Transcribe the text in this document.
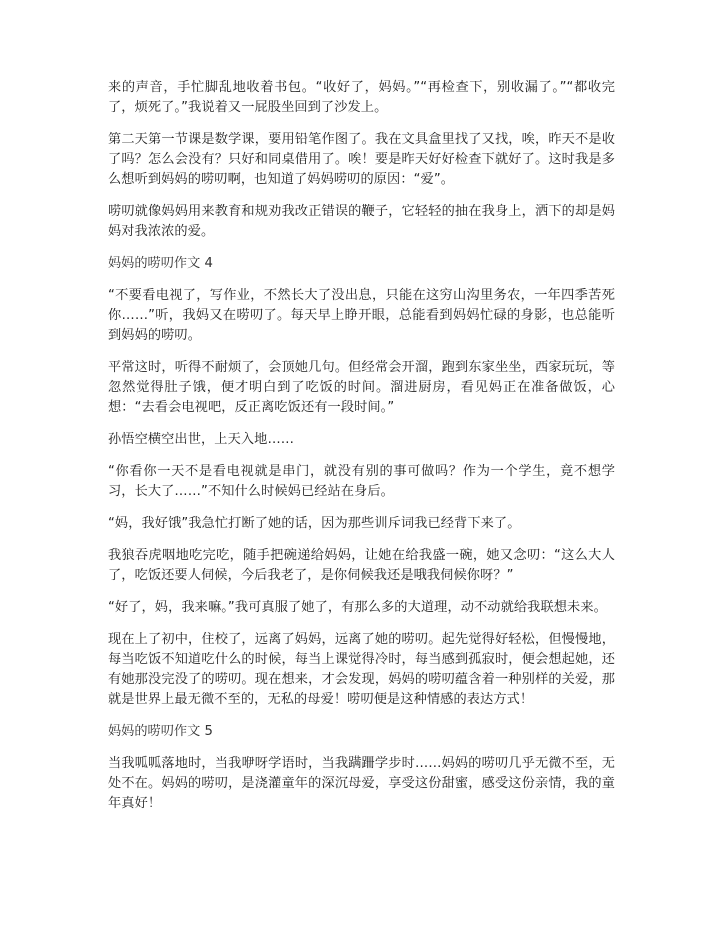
来的声音，手忙脚乱地收着书包。“收好了，妈妈。”“再检查下，别收漏了。”“都收完了，烦死了。”我说着又一屁股坐回到了沙发上。

第二天第一节课是数学课，要用铅笔作图了。我在文具盒里找了又找，唉，昨天不是收了吗？怎么会没有？只好和同桌借用了。唉！要是昨天好好检查下就好了。这时我是多么想听到妈妈的唠叨啊，也知道了妈妈唠叨的原因：“爱”。

唠叨就像妈妈用来教育和规劝我改正错误的鞭子，它轻轻的抽在我身上，洒下的却是妈妈对我浓浓的爱。

妈妈的唠叨作文 4

“不要看电视了，写作业，不然长大了没出息，只能在这穷山沟里务农，一年四季苦死你……”听，我妈又在唠叨了。每天早上睁开眼，总能看到妈妈忙碌的身影，也总能听到妈妈的唠叨。

平常这时，听得不耐烦了，会顶她几句。但经常会开溜，跑到东家坐坐，西家玩玩，等忽然觉得肚子饿，便才明白到了吃饭的时间。溜进厨房，看见妈正在准备做饭，心想：“去看会电视吧，反正离吃饭还有一段时间。”

孙悟空横空出世，上天入地……

“你看你一天不是看电视就是串门，就没有别的事可做吗？作为一个学生，竟不想学习，长大了……”不知什么时候妈已经站在身后。

“妈，我好饿”我急忙打断了她的话，因为那些训斥词我已经背下来了。

我狼吞虎咽地吃完吃，随手把碗递给妈妈，让她在给我盛一碗，她又念叨：“这么大人了，吃饭还要人伺候，今后我老了，是你伺候我还是哦我伺候你呀？”

“好了，妈，我来嘛。”我可真服了她了，有那么多的大道理，动不动就给我联想未来。

现在上了初中，住校了，远离了妈妈，远离了她的唠叨。起先觉得好轻松，但慢慢地，每当吃饭不知道吃什么的时候，每当上课觉得冷时，每当感到孤寂时，便会想起她，还有她那没完没了的唠叨。现在想来，才会发现，妈妈的唠叨蕴含着一种别样的关爱，那就是世界上最无微不至的，无私的母爱！唠叨便是这种情感的表达方式！

妈妈的唠叨作文 5

当我呱呱落地时，当我咿呀学语时，当我蹒跚学步时……妈妈的唠叨几乎无微不至，无处不在。妈妈的唠叨，是浇灌童年的深沉母爱，享受这份甜蜜，感受这份亲情，我的童年真好！
